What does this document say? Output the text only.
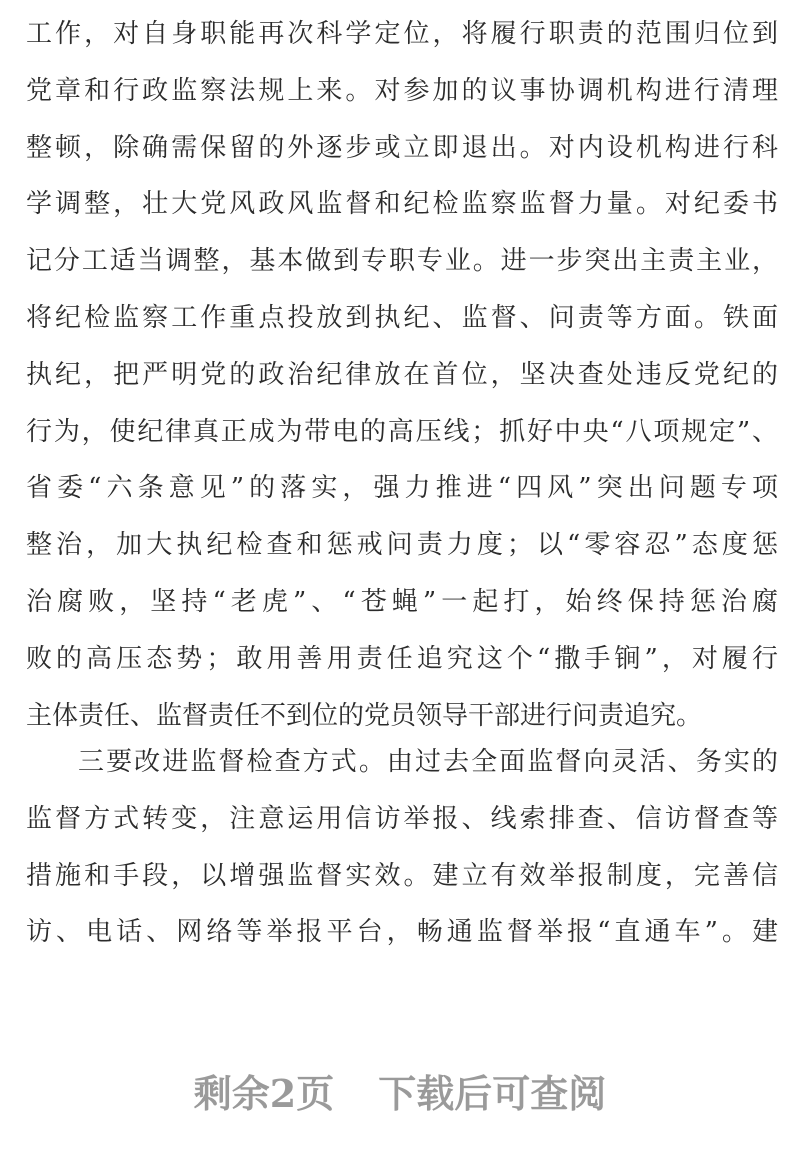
工作，对自身职能再次科学定位，将履行职责的范围归位到
党章和行政监察法规上来。对参加的议事协调机构进行清理
整顿，除确需保留的外逐步或立即退出。对内设机构进行科
学调整，壮大党风政风监督和纪检监察监督力量。对纪委书
记分工适当调整，基本做到专职专业。进一步突出主责主业，
将纪检监察工作重点投放到执纪、监督、问责等方面。铁面
执纪，把严明党的政治纪律放在首位，坚决查处违反党纪的
行为，使纪律真正成为带电的高压线；抓好中央“八项规定”、
省委“六条意见”的落实，强力推进“四风”突出问题专项
整治，加大执纪检查和惩戒问责力度；以“零容忍”态度惩
治腐败，坚持“老虎”、“苍蝇”一起打，始终保持惩治腐
败的高压态势；敢用善用责任追究这个“撒手锏”，对履行
主体责任、监督责任不到位的党员领导干部进行问责追究。
三要改进监督检查方式。由过去全面监督向灵活、务实的
监督方式转变，注意运用信访举报、线索排查、信访督查等
措施和手段，以增强监督实效。建立有效举报制度，完善信
访、电话、网络等举报平台，畅通监督举报“直通车”。建
剩余2页 下载后可查阅
